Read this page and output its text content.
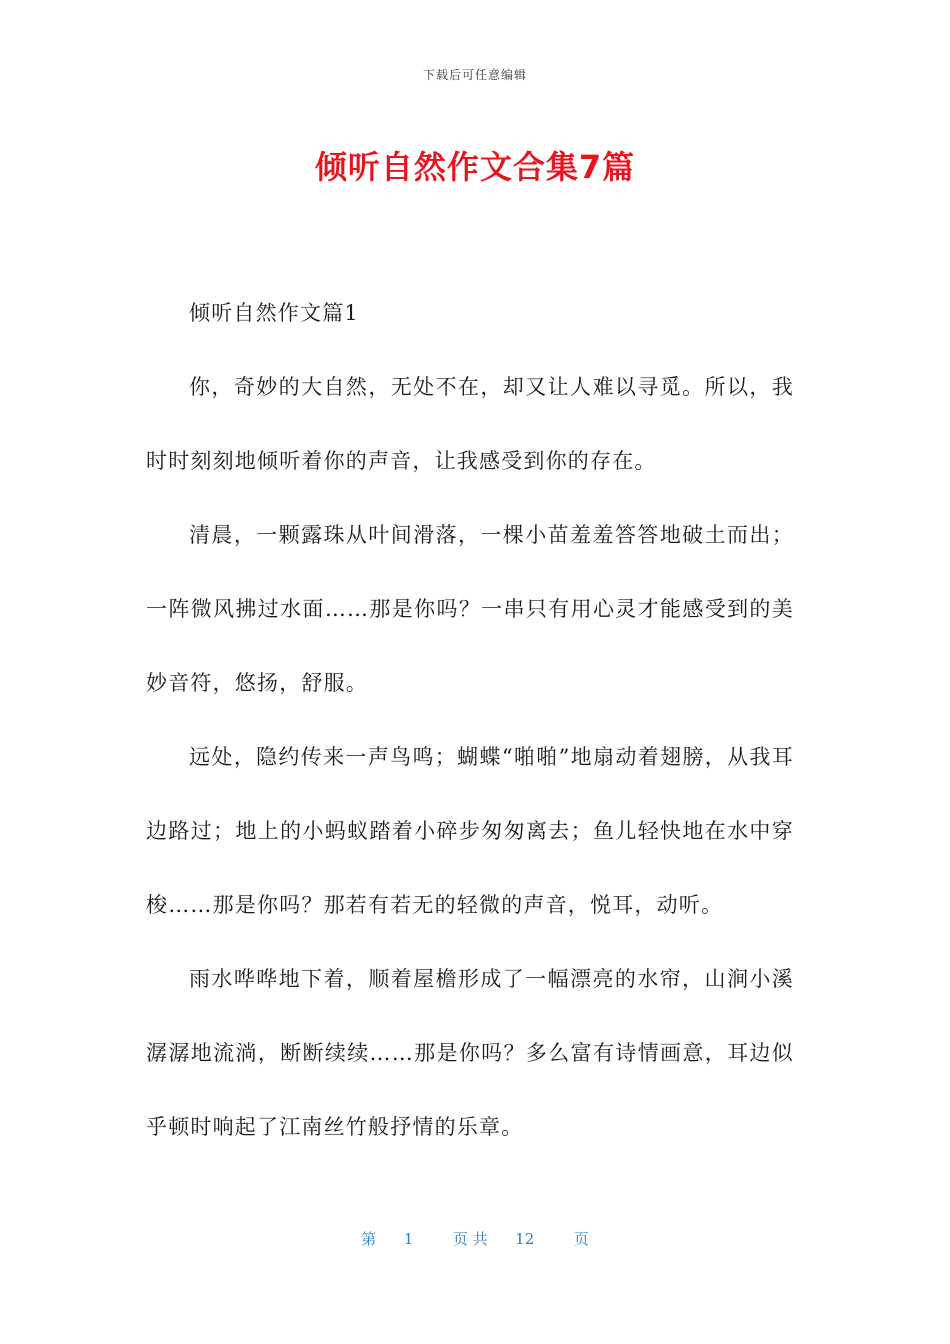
下载后可任意编辑
倾听自然作文合集7篇

倾听自然作文篇1

你，奇妙的大自然，无处不在，却又让人难以寻觅。所以，我时时刻刻地倾听着你的声音，让我感受到你的存在。

清晨，一颗露珠从叶间滑落，一棵小苗羞羞答答地破土而出；一阵微风拂过水面……那是你吗？一串只有用心灵才能感受到的美妙音符，悠扬，舒服。

远处，隐约传来一声鸟鸣；蝴蝶“啪啪”地扇动着翅膀，从我耳边路过；地上的小蚂蚁踏着小碎步匆匆离去；鱼儿轻快地在水中穿梭……那是你吗？那若有若无的轻微的声音，悦耳，动听。

雨水哗哗地下着，顺着屋檐形成了一幅漂亮的水帘，山涧小溪潺潺地流淌，断断续续……那是你吗？多么富有诗情画意，耳边似乎顿时响起了江南丝竹般抒情的乐章。

第 1	页 共 12	页
